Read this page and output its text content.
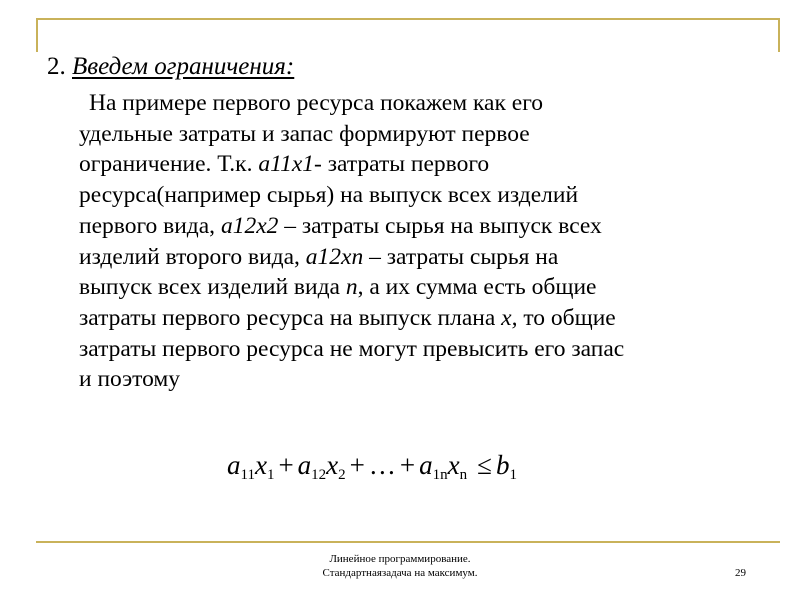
2. Введем ограничения:
На примере первого ресурса покажем как его
удельные затраты и запас формируют первое
ограничение. Т.к. a11x1- затраты первого
ресурса(например сырья) на выпуск всех изделий
первого вида, a12x2 – затраты сырья на выпуск всех
изделий второго вида, a12xn – затраты сырья на
выпуск всех изделий вида n, а их сумма есть общие
затраты первого ресурса на выпуск плана x, то общие
затраты первого ресурса не могут превысить его запас
и поэтому
$a_{11}x_1 + a_{12}x_2$ + … + $a_{1n}x_n \le b_1$
Линейное программирование.
Стандартнаязадача на максимум.	29
